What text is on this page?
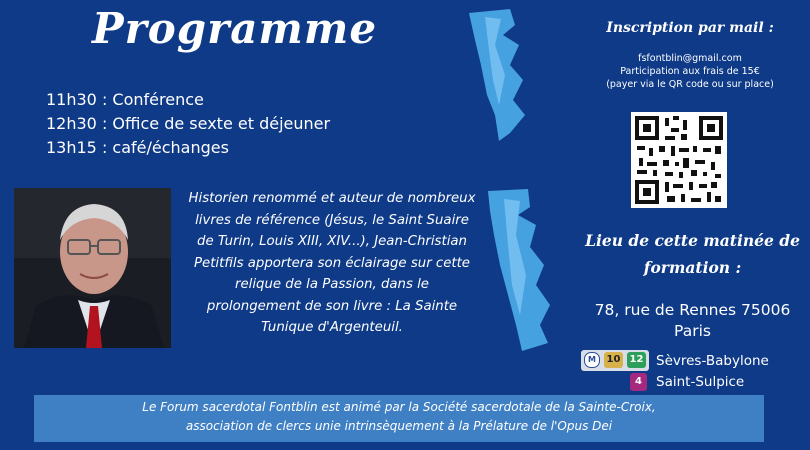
Programme
11h30 : Conférence
12h30 : Office de sexte et déjeuner
13h15 : café/échanges
Historien renommé et auteur de nombreux livres de référence (Jésus, le Saint Suaire de Turin, Louis XIII, XIV...), Jean-Christian Petitfils apportera son éclairage sur cette relique de la Passion, dans le prolongement de son livre : La Sainte Tunique d'Argenteuil.
Inscription par mail :
fsfontblin@gmail.com
Participation aux frais de 15€
(payer via le QR code ou sur place)
Lieu de cette matinée de formation :
78, rue de Rennes 75006
Paris
M	10 12
4
Sèvres-Babylone
Saint-Sulpice
Le Forum sacerdotal Fontblin est animé par la Société sacerdotale de la Sainte-Croix,
association de clercs unie intrinsèquement à la Prélature de l'Opus Dei
